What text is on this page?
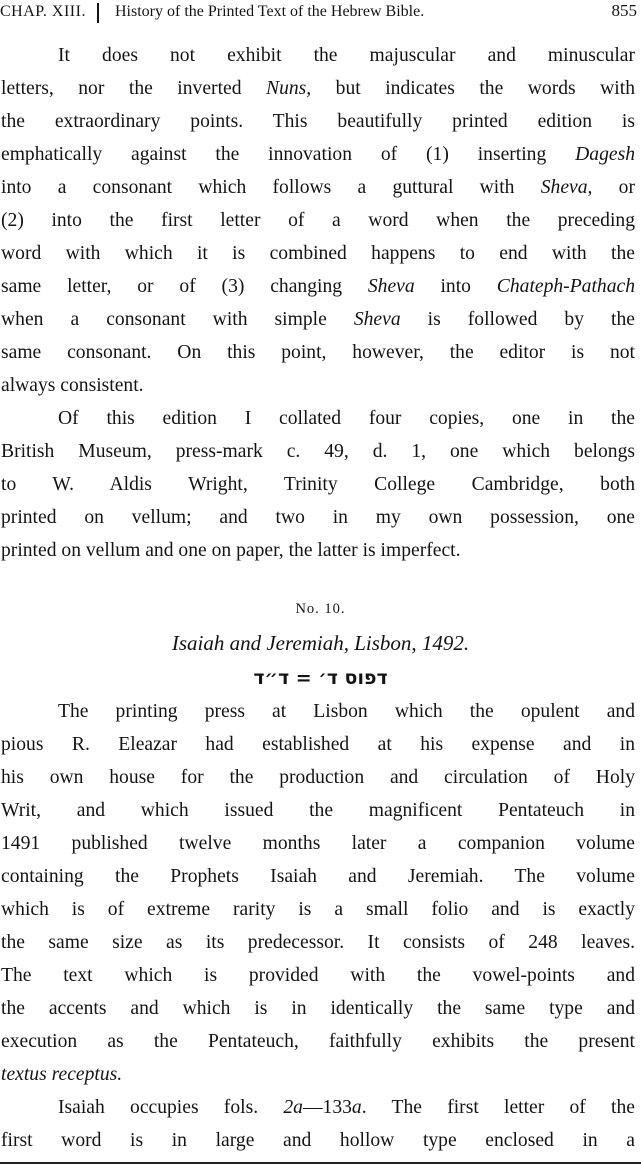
CHAP. XIII. History of the Printed Text of the Hebrew Bible.	855
It does not exhibit the majuscular and minuscular
letters, nor the inverted Nuns, but indicates the words with
the extraordinary points. This beautifully printed edition is
emphatically against the innovation of (1) inserting Dagesh
into a consonant which follows a guttural with Sheva, or
(2) into the first letter of a word when the preceding
word with which it is combined happens to end with the
same letter, or of (3) changing Sheva into Chateph-Pathach
when a consonant with simple Sheva is followed by the
same consonant. On this point, however, the editor is not
always consistent.
Of this edition I collated four copies, one in the
British Museum, press-mark c. 49, d. 1, one which belongs
to W. Aldis Wright, Trinity College Cambridge, both
printed on vellum; and two in my own possession, one
printed on vellum and one on paper, the latter is imperfect.
No. 10.
Isaiah and Jeremiah, Lisbon, 1492.
דפוס ד׳ = ד״ד
The printing press at Lisbon which the opulent and
pious R. Eleazar had established at his expense and in
his own house for the production and circulation of Holy
Writ, and which issued the magnificent Pentateuch in
1491 published twelve months later a companion volume
containing the Prophets Isaiah and Jeremiah. The volume
which is of extreme rarity is a small folio and is exactly
the same size as its predecessor. It consists of 248 leaves.
The text which is provided with the vowel-points and
the accents and which is in identically the same type and
execution as the Pentateuch, faithfully exhibits the present
textus receptus.
Isaiah occupies fols. 2a—133a. The first letter of the
first word is in large and hollow type enclosed in a
